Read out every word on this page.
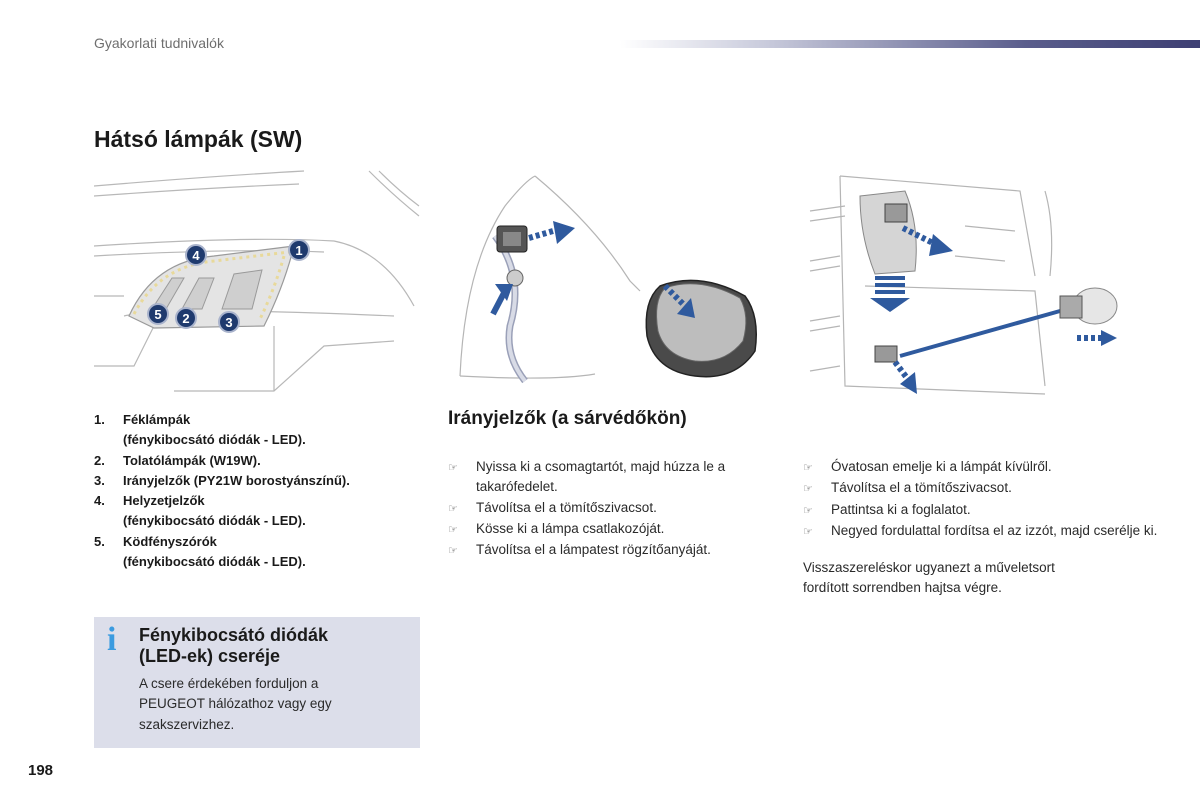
Gyakorlati tudnivalók
Hátsó lámpák (SW)
4	1
5 2	3
1.	Féklámpák
(fénykibocsátó diódák - LED).
2.	Tolatólámpák (W19W).
3.	Irányjelzők (PY21W borostyánszínű).
4.	Helyzetjelzők
(fénykibocsátó diódák - LED).
5.	Ködfényszórók
(fénykibocsátó diódák - LED).
Irányjelzők (a sárvédőkön)
☞	Nyissa ki a csomagtartót, majd húzza le a takarófedelet.
☞	Távolítsa el a tömítőszivacsot.
☞	Kösse ki a lámpa csatlakozóját.
☞	Távolítsa el a lámpatest rögzítőanyáját.
☞	Óvatosan emelje ki a lámpát kívülről.
☞	Távolítsa el a tömítőszivacsot.
☞	Pattintsa ki a foglalatot.
☞	Negyed fordulattal fordítsa el az izzót, majd cserélje ki.

Visszaszereléskor ugyanezt a műveletsort
fordított sorrendben hajtsa végre.

i Fénykibocsátó diódák
(LED-ek) cseréje
A csere érdekében forduljon a
PEUGEOT hálózathoz vagy egy
szakszervizhez.
198
